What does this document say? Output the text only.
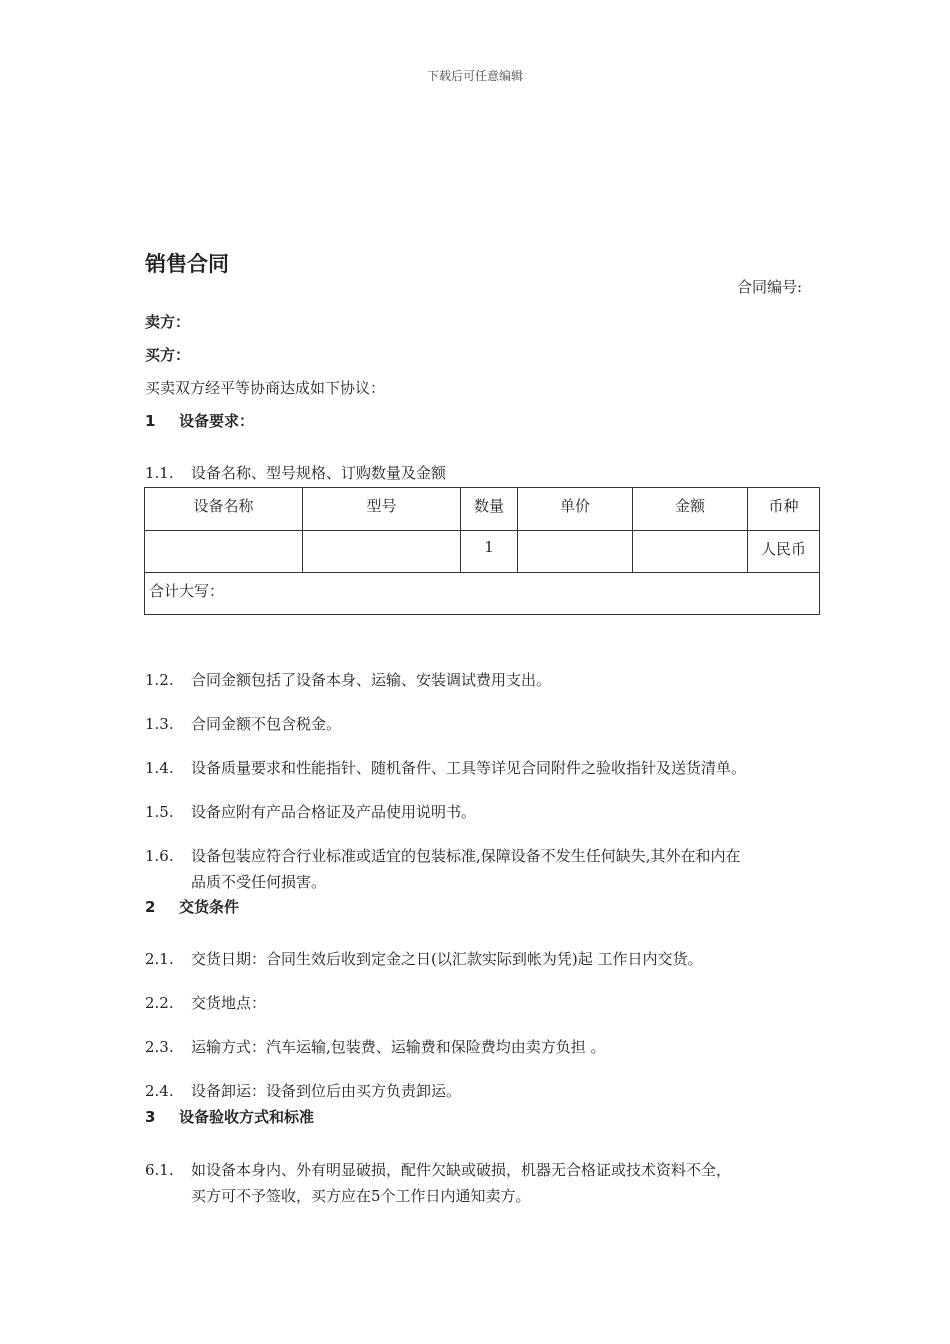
下载后可任意编辑
销售合同
合同编号:
卖方：
买方：
买卖双方经平等协商达成如下协议：
1 设备要求：
1.1.	设备名称、型号规格、订购数量及金额
设备名称	型号	数量	单价	金额	币种
		1			人民币
合计大写：					
1.2.	合同金额包括了设备本身、运输、安装调试费用支出。
1.3.	合同金额不包含税金。
1.4.	设备质量要求和性能指针、随机备件、工具等详见合同附件之验收指针及送货清单。
1.5.	设备应附有产品合格证及产品使用说明书。
1.6.	设备包装应符合行业标准或适宜的包装标准,保障设备不发生任何缺失,其外在和内在
品质不受任何损害。
2 交货条件
2.1.	交货日期：合同生效后收到定金之日(以汇款实际到帐为凭)起 工作日内交货。
2.2.	交货地点：
2.3.	运输方式：汽车运输,包装费、运输费和保险费均由卖方负担 。
2.4.	设备卸运：设备到位后由买方负责卸运。
3 设备验收方式和标准
6.1.	如设备本身内、外有明显破损，配件欠缺或破损，机器无合格证或技术资料不全，
买方可不予签收，买方应在5个工作日内通知卖方。
